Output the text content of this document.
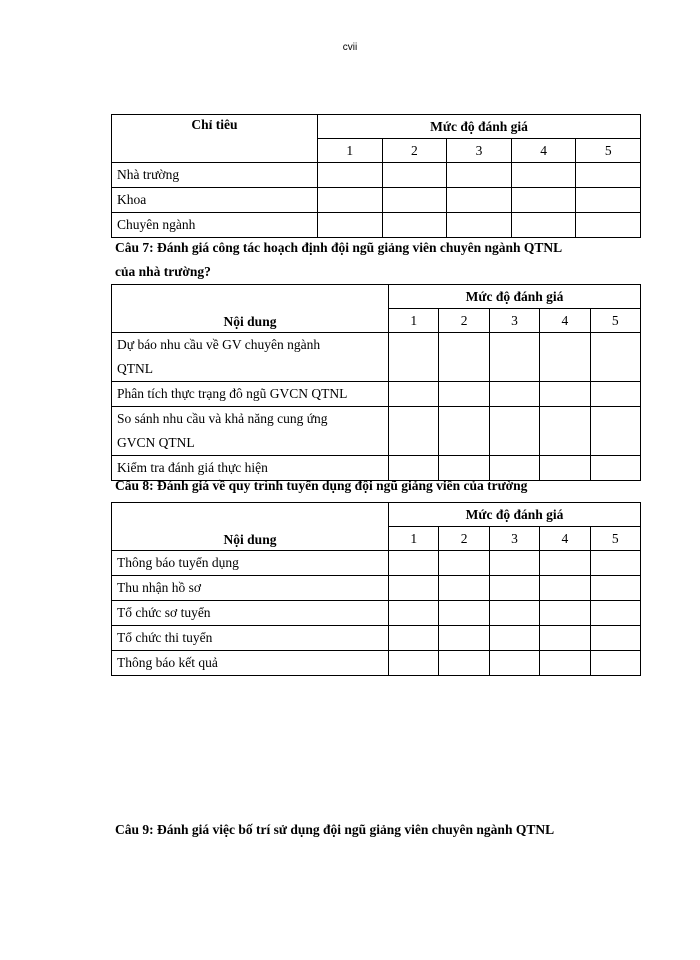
cvii
Chỉ tiêu	Mức độ đánh giá				
	1	2	3	4	5
Nhà trường					
Khoa					
Chuyên ngành					
Câu 7: Đánh giá công tác hoạch định đội ngũ giảng viên chuyên ngành QTNL
của nhà trường?
Nội dung	Mức độ đánh giá				
	1	2	3	4	5

Dự báo nhu cầu về GV chuyên ngành
QTNL					

Phân tích thực trạng đô ngũ GVCN QTNL					

So sánh nhu cầu và khả năng cung ứng
GVCN QTNL					

Kiểm tra đánh giá thực hiện					
Câu 8: Đánh giá về quy trình tuyển dụng đội ngũ giảng viên của trường
Nội dung	Mức độ đánh giá				
	1	2	3	4	5
Thông báo tuyển dụng					
Thu nhận hồ sơ					
Tổ chức sơ tuyển					
Tổ chức thi tuyển					
Thông báo kết quả					
Câu 9: Đánh giá việc bố trí sử dụng đội ngũ giảng viên chuyên ngành QTNL
